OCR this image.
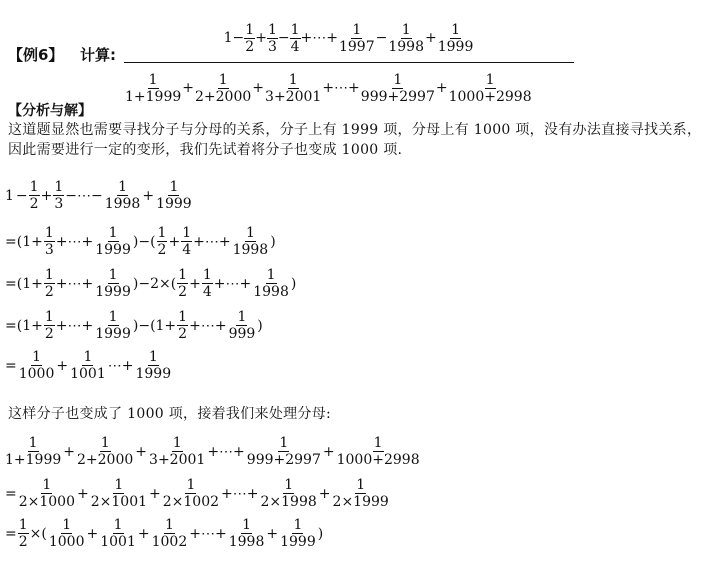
【例6】 计算:
$1 - \frac{1}{2} + \frac{1}{3} - \frac{1}{4}$ +⋯+ $\frac{1}{1997} - \frac{1}{1998} + \frac{1}{1999}$
$\frac{1}{1+1999} + \frac{1}{2+2000} + \frac{1}{3+2001}$ +⋯+ $\frac{1}{999+2997} + \frac{1}{1000+2998}$
【分析与解】
这道题显然也需要寻找分子与分母的关系，分子上有 1999 项，分母上有 1000 项，没有办法直接寻找关系，
因此需要进行一定的变形，我们先试着将分子也变成 1000 项.
$1 - \frac{1}{2} + \frac{1}{3}$ −⋯− $\frac{1}{1998} + \frac{1}{1999}$
$=(1+ \frac{1}{3}$ +⋯+ $\frac{1}{1999}$ )−( $\frac{1}{2} + \frac{1}{4}$ +⋯+ $\frac{1}{1998}$ )
$=(1+ \frac{1}{2}$ +⋯+ $\frac{1}{1999} )-2\times( \frac{1}{2} + \frac{1}{4}$ +⋯+ $\frac{1}{1998}$ )
$=(1+ \frac{1}{2}$ +⋯+ $\frac{1}{1999} )-(1+ \frac{1}{2}$ +⋯+ $\frac{1}{999}$ )
= $\frac{1}{1000} + \frac{1}{1001}$ ⋯+ $\frac{1}{1999}$
这样分子也变成了 1000 项，接着我们来处理分母:
$\frac{1}{1+1999} + \frac{1}{2+2000} + \frac{1}{3+2001}$ +⋯+ $\frac{1}{999+2997} + \frac{1}{1000+2998}$
= $\frac{1}{2\times 1000} + \frac{1}{2\times 1001} + \frac{1}{2\times 1002}$ +⋯+ $\frac{1}{2\times 1998} + \frac{1}{2\times 1999}$
= $\frac{1}{2}$ ×( $\frac{1}{1000} + \frac{1}{1001} + \frac{1}{1002}$ +⋯+ $\frac{1}{1998} + \frac{1}{1999}$ )
